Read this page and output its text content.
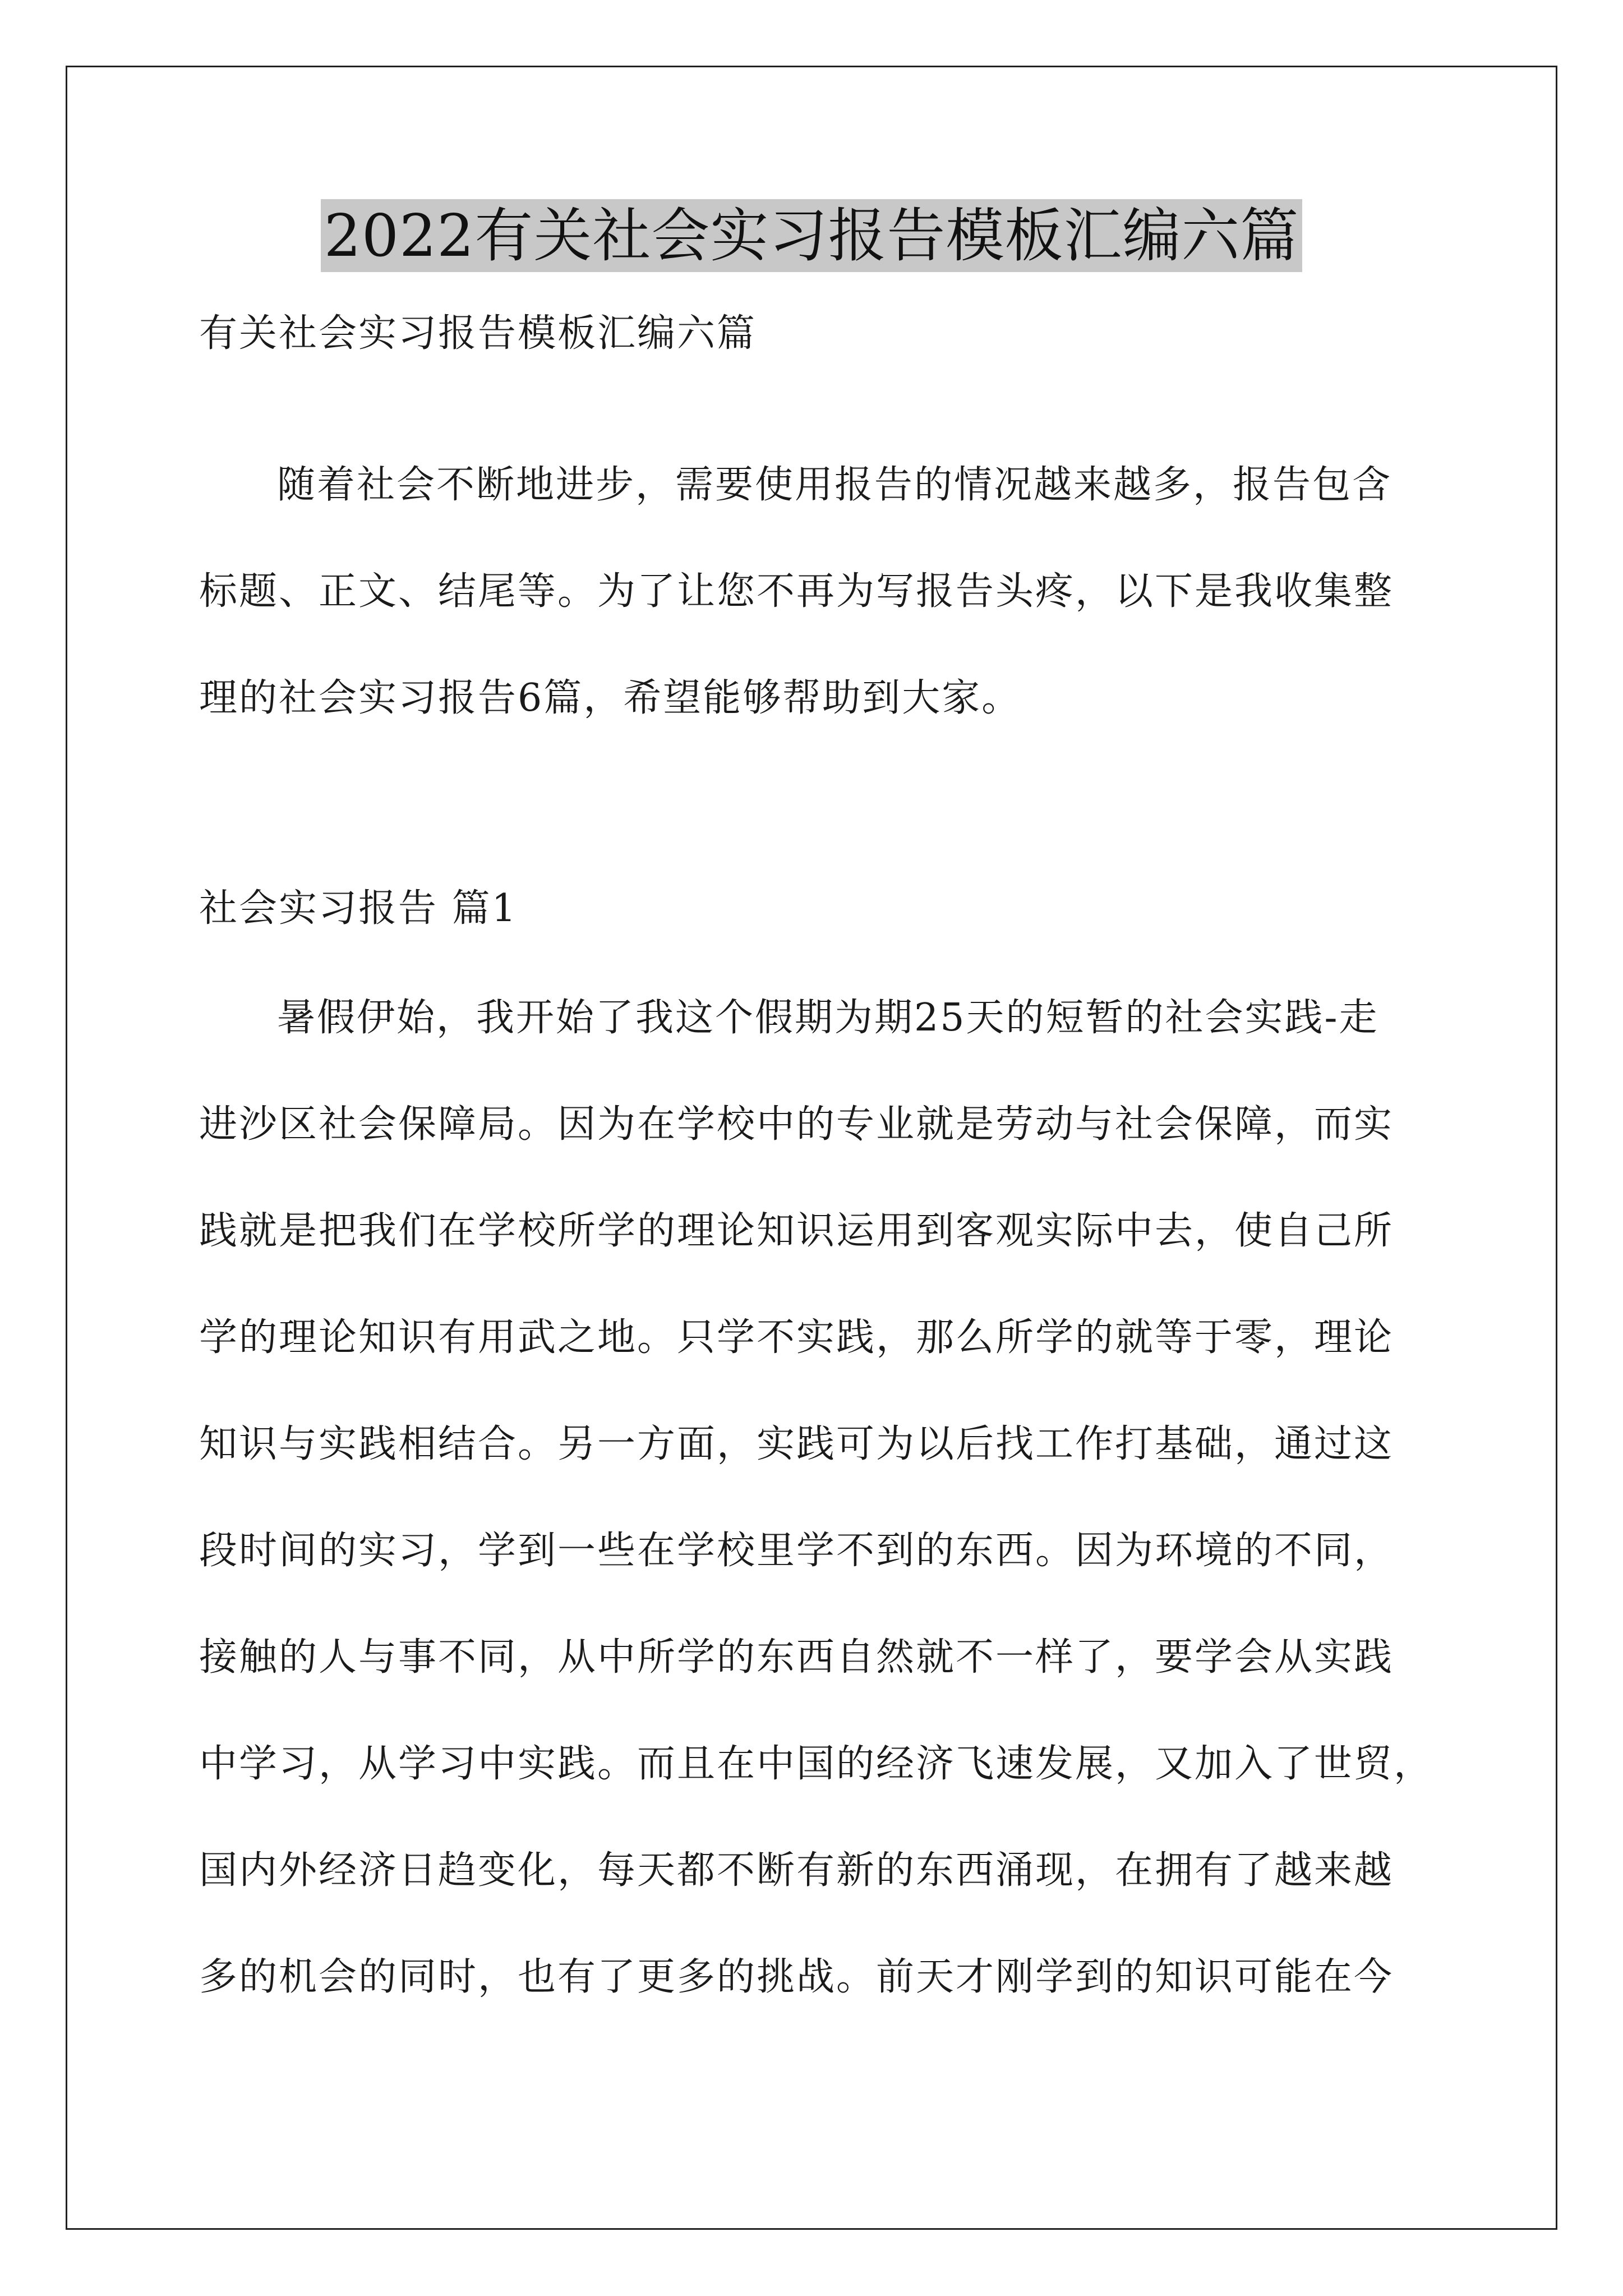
2022有关社会实习报告模板汇编六篇
有关社会实习报告模板汇编六篇
随着社会不断地进步，需要使用报告的情况越来越多，报告包含
标题、正文、结尾等。为了让您不再为写报告头疼，以下是我收集整
理的社会实习报告6篇，希望能够帮助到大家。
社会实习报告 篇1
暑假伊始，我开始了我这个假期为期25天的短暂的社会实践-走
进沙区社会保障局。因为在学校中的专业就是劳动与社会保障，而实
践就是把我们在学校所学的理论知识运用到客观实际中去，使自己所
学的理论知识有用武之地。只学不实践，那么所学的就等于零，理论
知识与实践相结合。另一方面，实践可为以后找工作打基础，通过这
段时间的实习，学到一些在学校里学不到的东西。因为环境的不同，
接触的人与事不同，从中所学的东西自然就不一样了，要学会从实践
中学习，从学习中实践。而且在中国的经济飞速发展，又加入了世贸，
国内外经济日趋变化，每天都不断有新的东西涌现，在拥有了越来越
多的机会的同时，也有了更多的挑战。前天才刚学到的知识可能在今
